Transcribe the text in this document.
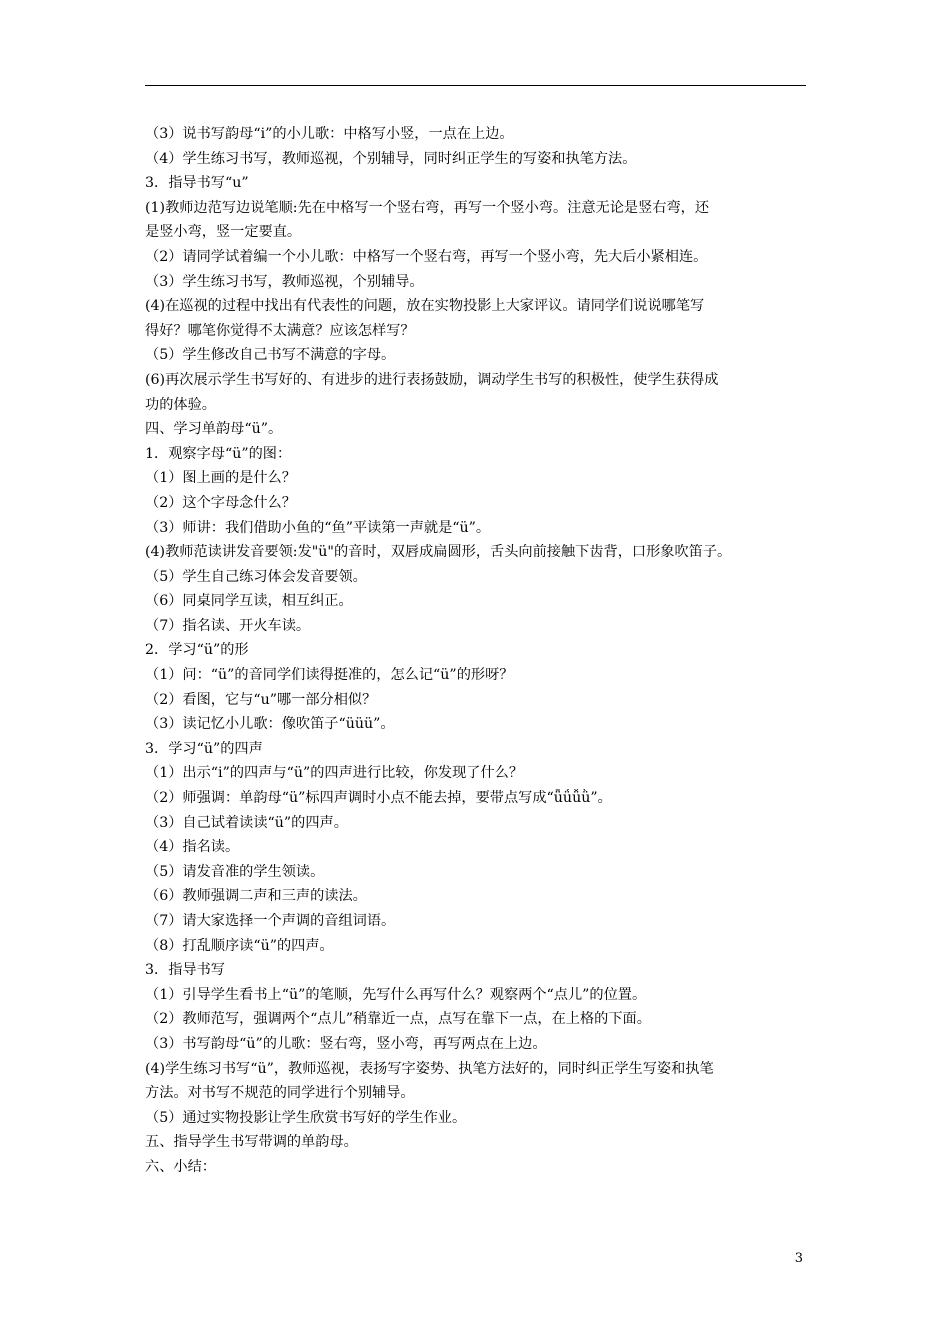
（3）说书写韵母“i”的小儿歌：中格写小竖，一点在上边。
（4）学生练习书写，教师巡视，个别辅导，同时纠正学生的写姿和执笔方法。
3．指导书写“u”
(1)教师边范写边说笔顺:先在中格写一个竖右弯，再写一个竖小弯。注意无论是竖右弯，还
是竖小弯，竖一定要直。
（2）请同学试着编一个小儿歌：中格写一个竖右弯，再写一个竖小弯，先大后小紧相连。
（3）学生练习书写，教师巡视，个别辅导。
(4)在巡视的过程中找出有代表性的问题，放在实物投影上大家评议。请同学们说说哪笔写
得好？哪笔你觉得不太满意？应该怎样写？
（5）学生修改自己书写不满意的字母。
(6)再次展示学生书写好的、有进步的进行表扬鼓励，调动学生书写的积极性，使学生获得成
功的体验。
四、学习单韵母“ü”。
1．观察字母“ü”的图：
（1）图上画的是什么？
（2）这个字母念什么？
（3）师讲：我们借助小鱼的“鱼”平读第一声就是“ü”。
(4)教师范读讲发音要领:发"ü"的音时，双唇成扁圆形，舌头向前接触下齿背，口形象吹笛子。
（5）学生自己练习体会发音要领。
（6）同桌同学互读，相互纠正。
（7）指名读、开火车读。
2．学习“ü”的形
（1）问：“ü”的音同学们读得挺准的，怎么记“ü”的形呀？
（2）看图，它与“u”哪一部分相似？
（3）读记忆小儿歌：像吹笛子“üüü”。
3．学习“ü”的四声
（1）出示“i”的四声与“ü”的四声进行比较，你发现了什么？
（2）师强调：单韵母“ü”标四声调时小点不能去掉，要带点写成“ǖǘǚǜ”。
（3）自己试着读读“ü”的四声。
（4）指名读。
（5）请发音准的学生领读。
（6）教师强调二声和三声的读法。
（7）请大家选择一个声调的音组词语。
（8）打乱顺序读“ü”的四声。
3．指导书写
（1）引导学生看书上“ü”的笔顺，先写什么再写什么？观察两个“点儿”的位置。
（2）教师范写，强调两个“点儿”稍靠近一点，点写在靠下一点，在上格的下面。
（3）书写韵母“ü”的儿歌：竖右弯，竖小弯，再写两点在上边。
(4)学生练习书写“ü”，教师巡视，表扬写字姿势、执笔方法好的，同时纠正学生写姿和执笔
方法。对书写不规范的同学进行个别辅导。
（5）通过实物投影让学生欣赏书写好的学生作业。
五、指导学生书写带调的单韵母。
六、小结：
3
